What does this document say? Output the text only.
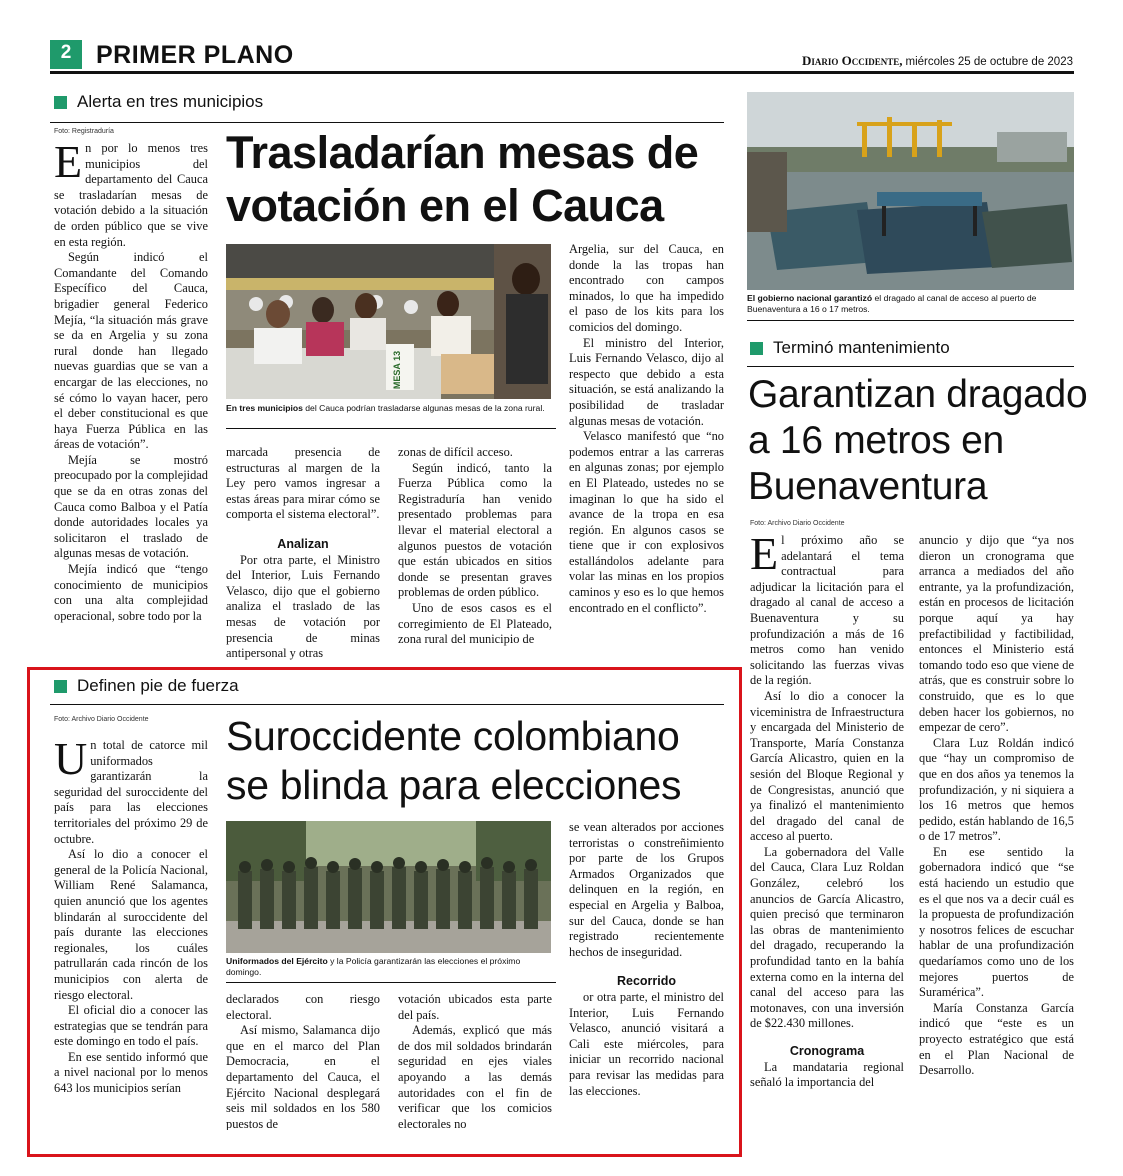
2 PRIMER PLANO	Diario Occidente, miércoles 25 de octubre de 2023
Alerta en tres municipios
Foto: Registraduría Trasladarían mesas de
votación en el Cauca
MESA 13
En tres municipios del Cauca podrían trasladarse algunas mesas de la zona rural.

En por lo menos tres municipios del departamento del Cauca se trasladarían mesas de votación debido a la situación de orden público que se vive en esta región.

Según indicó el Comandante del Comando Específico del Cauca, brigadier general Federico Mejía, “la situación más grave se da en Argelia y su zona rural donde han llegado nuevas guardias que se van a encargar de las elecciones, no sé cómo lo vayan hacer, pero el deber constitucional es que haya Fuerza Pública en las áreas de votación”.

Mejía se mostró preocupado por la complejidad que se da en otras zonas del Cauca como Balboa y el Patía donde autoridades locales ya solicitaron el traslado de algunas mesas de votación.

Mejía indicó que “tengo conocimiento de municipios con una alta complejidad operacional, sobre todo por la

marcada presencia de estructuras al margen de la Ley pero vamos ingresar a estas áreas para mirar cómo se comporta el sistema electoral”.

Analizan

Por otra parte, el Ministro del Interior, Luis Fernando Velasco, dijo que el gobierno analiza el traslado de las mesas de votación por presencia de minas antipersonal y otras

zonas de difícil acceso.

Según indicó, tanto la Fuerza Pública como la Registraduría han venido presentado problemas para llevar el material electoral a algunos puestos de votación que están ubicados en sitios donde se presentan graves problemas de orden público.

Uno de esos casos es el corregimiento de El Plateado, zona rural del municipio de

Argelia, sur del Cauca, en donde la las tropas han encontrado con campos minados, lo que ha impedido el paso de los kits para los comicios del domingo.

El ministro del Interior, Luis Fernando Velasco, dijo al respecto que debido a esta situación, se está analizando la posibilidad de trasladar algunas mesas de votación.

Velasco manifestó que “no podemos entrar a las carreras en algunas zonas; por ejemplo en El Plateado, ustedes no se imaginan lo que ha sido el avance de la tropa en esa región. En algunos casos se tiene que ir con explosivos estallándolos adelante para volar las minas en los propios caminos y eso es lo que hemos encontrado en el conflicto”.

Definen pie de fuerza
Foto: Archivo Diario Occidente Suroccidente colombiano
se blinda para elecciones
Uniformados del Ejército y la Policía garantizarán las elecciones el próximo domingo.

Un total de catorce mil uniformados garantizarán la seguridad del suroccidente del país para las elecciones territoriales del próximo 29 de octubre.

Así lo dio a conocer el general de la Policía Nacional, William René Salamanca, quien anunció que los agentes blindarán al suroccidente del país durante las elecciones regionales, los cuáles patrullarán cada rincón de los municipios con alerta de riesgo electoral.

El oficial dio a conocer las estrategias que se tendrán para este domingo en todo el país.

En ese sentido informó que a nivel nacional por lo menos 643 los municipios serían

declarados con riesgo electoral.

Así mismo, Salamanca dijo que en el marco del Plan Democracia, en el departamento del Cauca, el Ejército Nacional desplegará seis mil soldados en los 580 puestos de

votación ubicados esta parte del país.

Además, explicó que más de dos mil soldados brindarán seguridad en ejes viales apoyando a las demás autoridades con el fin de verificar que los comicios electorales no

se vean alterados por acciones terroristas o constreñimiento por parte de los Grupos Armados Organizados que delinquen en la región, en especial en Argelia y Balboa, sur del Cauca, donde se han registrado recientemente hechos de inseguridad.

Recorrido

or otra parte, el ministro del Interior, Luis Fernando Velasco, anunció visitará a Cali este miércoles, para iniciar un recorrido nacional para revisar las medidas para las elecciones.

El gobierno nacional garantizó el dragado al canal de acceso al puerto de Buenaventura a 16 o 17 metros.
Terminó mantenimiento
Garantizan dragado
a 16 metros en
Buenaventura
Foto: Archivo Diario Occidente

El próximo año se adelantará el tema contractual para adjudicar la licitación para el dragado al canal de acceso a Buenaventura y su profundización a más de 16 metros como han venido solicitando las fuerzas vivas de la región.

Así lo dio a conocer la viceministra de Infraestructura y encargada del Ministerio de Transporte, María Constanza García Alicastro, quien en la sesión del Bloque Regional y de Congresistas, anunció que ya finalizó el mantenimiento del dragado del canal de acceso al puerto.

La gobernadora del Valle del Cauca, Clara Luz Roldan González, celebró los anuncios de García Alicastro, quien precisó que terminaron las obras de mantenimiento del dragado, recuperando la profundidad tanto en la bahía externa como en la interna del canal del acceso para las motonaves, con una inversión de $22.430 millones.

Cronograma

La mandataria regional señaló la importancia del

anuncio y dijo que “ya nos dieron un cronograma que arranca a mediados del año entrante, ya la profundización, están en procesos de licitación porque aquí ya hay prefactibilidad y factibilidad, entonces el Ministerio está tomando todo eso que viene de atrás, que es construir sobre lo construido, que es lo que deben hacer los gobiernos, no empezar de cero”.

Clara Luz Roldán indicó que “hay un compromiso de que en dos años ya tenemos la profundización, y ni siquiera a los 16 metros que hemos pedido, están hablando de 16,5 o de 17 metros”.

En ese sentido la gobernadora indicó que “se está haciendo un estudio que es el que nos va a decir cuál es la propuesta de profundización y nosotros felices de escuchar hablar de una profundización quedaríamos como uno de los mejores puertos de Suramérica”.

María Constanza García indicó que “este es un proyecto estratégico que está en el Plan Nacional de Desarrollo.
